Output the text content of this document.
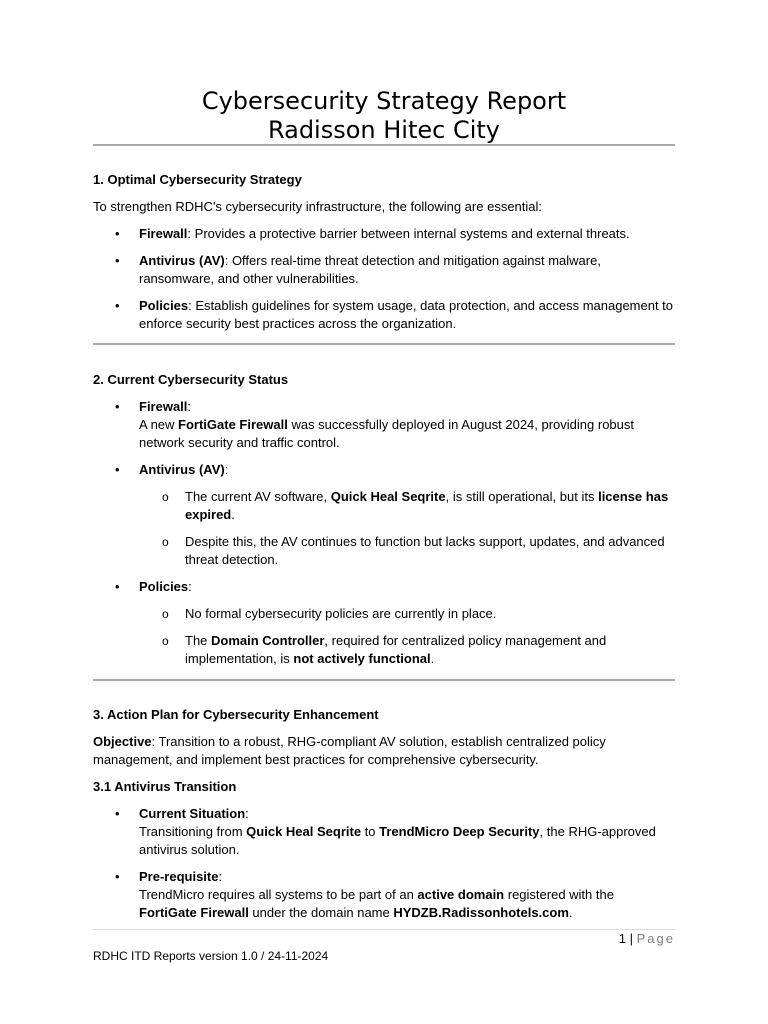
Cybersecurity Strategy Report
Radisson Hitec City
1. Optimal Cybersecurity Strategy

To strengthen RDHC's cybersecurity infrastructure, the following are essential:

• Firewall: Provides a protective barrier between internal systems and external threats.
• Antivirus (AV): Offers real-time threat detection and mitigation against malware, ransomware, and other vulnerabilities.
• Policies: Establish guidelines for system usage, data protection, and access management to enforce security best practices across the organization.
2. Current Cybersecurity Status
• Firewall:
A new FortiGate Firewall was successfully deployed in August 2024, providing robust network security and traffic control.
• Antivirus (AV):
o The current AV software, Quick Heal Seqrite, is still operational, but its license has expired.
o Despite this, the AV continues to function but lacks support, updates, and advanced threat detection.
• Policies:
o No formal cybersecurity policies are currently in place.
o The Domain Controller, required for centralized policy management and implementation, is not actively functional.
3. Action Plan for Cybersecurity Enhancement

Objective: Transition to a robust, RHG-compliant AV solution, establish centralized policy management, and implement best practices for comprehensive cybersecurity.

3.1 Antivirus Transition
• Current Situation:
Transitioning from Quick Heal Seqrite to TrendMicro Deep Security, the RHG-approved antivirus solution.
• Pre-requisite:
TrendMicro requires all systems to be part of an active domain registered with the FortiGate Firewall under the domain name HYDZB.Radissonhotels.com.
1 | Page
RDHC ITD Reports version 1.0 / 24-11-2024
